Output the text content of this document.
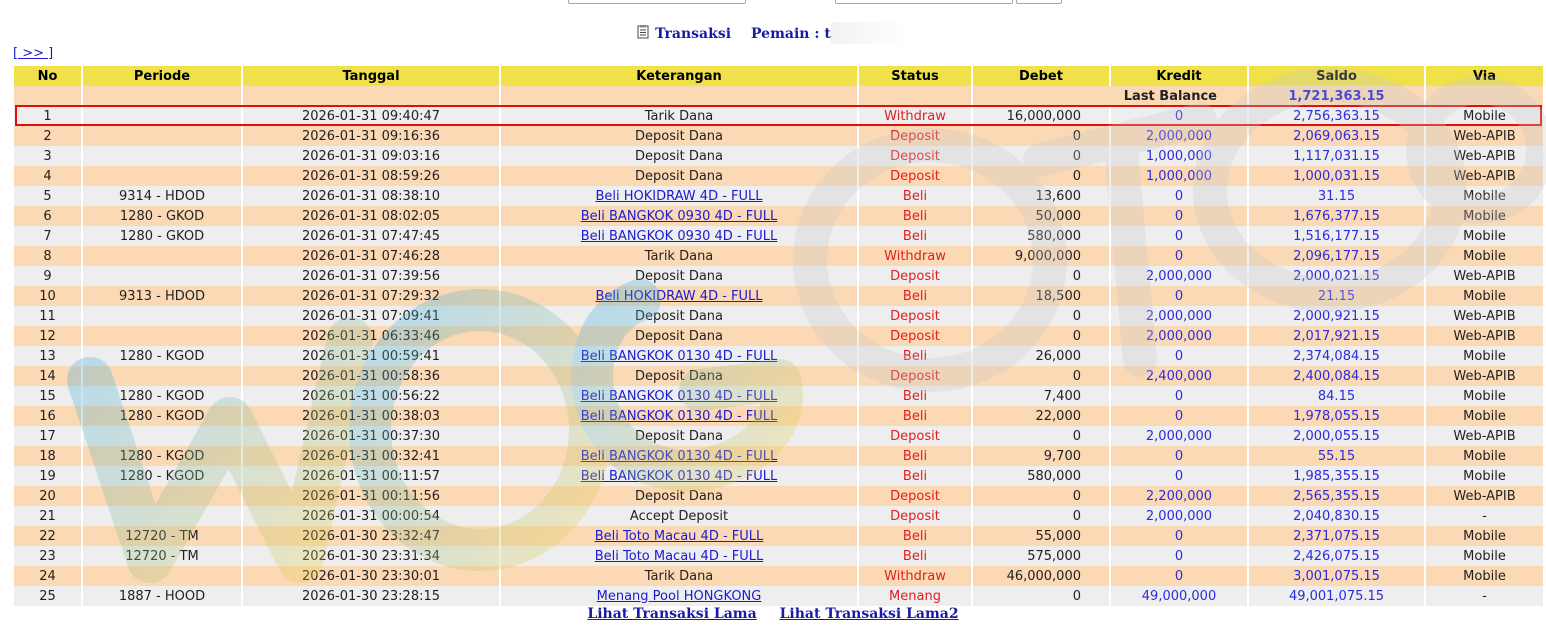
Transaksi Pemain : t
[ >> ]
No	Periode	Tanggal	Keterangan	Status	Debet	Kredit	Saldo	Via
					Last Balance		1,721,363.15	
1		2026-01-31 09:40:47	Tarik Dana	Withdraw	16,000,000	0	2,756,363.15	Mobile
2		2026-01-31 09:16:36	Deposit Dana	Deposit	0	2,000,000	2,069,063.15	Web-APIB
3		2026-01-31 09:03:16	Deposit Dana	Deposit	0	1,000,000	1,117,031.15	Web-APIB
4		2026-01-31 08:59:26	Deposit Dana	Deposit	0	1,000,000	1,000,031.15	Web-APIB
5	9314 - HDOD	2026-01-31 08:38:10	Beli HOKIDRAW 4D - FULL	Beli	13,600	0	31.15	Mobile
6	1280 - GKOD	2026-01-31 08:02:05	Beli BANGKOK 0930 4D - FULL	Beli	50,000	0	1,676,377.15	Mobile
7	1280 - GKOD	2026-01-31 07:47:45	Beli BANGKOK 0930 4D - FULL	Beli	580,000	0	1,516,177.15	Mobile
8		2026-01-31 07:46:28	Tarik Dana	Withdraw	9,000,000	0	2,096,177.15	Mobile
9		2026-01-31 07:39:56	Deposit Dana	Deposit	0	2,000,000	2,000,021.15	Web-APIB
10	9313 - HDOD	2026-01-31 07:29:32	Beli HOKIDRAW 4D - FULL	Beli	18,500	0	21.15	Mobile
11		2026-01-31 07:09:41	Deposit Dana	Deposit	0	2,000,000	2,000,921.15	Web-APIB
12		2026-01-31 06:33:46	Deposit Dana	Deposit	0	2,000,000	2,017,921.15	Web-APIB
13	1280 - KGOD	2026-01-31 00:59:41	Beli BANGKOK 0130 4D - FULL	Beli	26,000	0	2,374,084.15	Mobile
14		2026-01-31 00:58:36	Deposit Dana	Deposit	0	2,400,000	2,400,084.15	Web-APIB
15	1280 - KGOD	2026-01-31 00:56:22	Beli BANGKOK 0130 4D - FULL	Beli	7,400	0	84.15	Mobile
16	1280 - KGOD	2026-01-31 00:38:03	Beli BANGKOK 0130 4D - FULL	Beli	22,000	0	1,978,055.15	Mobile
17		2026-01-31 00:37:30	Deposit Dana	Deposit	0	2,000,000	2,000,055.15	Web-APIB
18	1280 - KGOD	2026-01-31 00:32:41	Beli BANGKOK 0130 4D - FULL	Beli	9,700	0	55.15	Mobile
19	1280 - KGOD	2026-01-31 00:11:57	Beli BANGKOK 0130 4D - FULL	Beli	580,000	0	1,985,355.15	Mobile
20		2026-01-31 00:11:56	Deposit Dana	Deposit	0	2,200,000	2,565,355.15	Web-APIB
21		2026-01-31 00:00:54	Accept Deposit	Deposit	0	2,000,000	2,040,830.15	-
22	12720 - TM	2026-01-30 23:32:47	Beli Toto Macau 4D - FULL	Beli	55,000	0	2,371,075.15	Mobile
23	12720 - TM	2026-01-30 23:31:34	Beli Toto Macau 4D - FULL	Beli	575,000	0	2,426,075.15	Mobile
24		2026-01-30 23:30:01	Tarik Dana	Withdraw	46,000,000	0	3,001,075.15	Mobile
25	1887 - HOOD	2026-01-30 23:28:15	Menang Pool HONGKONG	Menang	0	49,000,000	49,001,075.15	-
Lihat Transaksi Lama Lihat Transaksi Lama2
